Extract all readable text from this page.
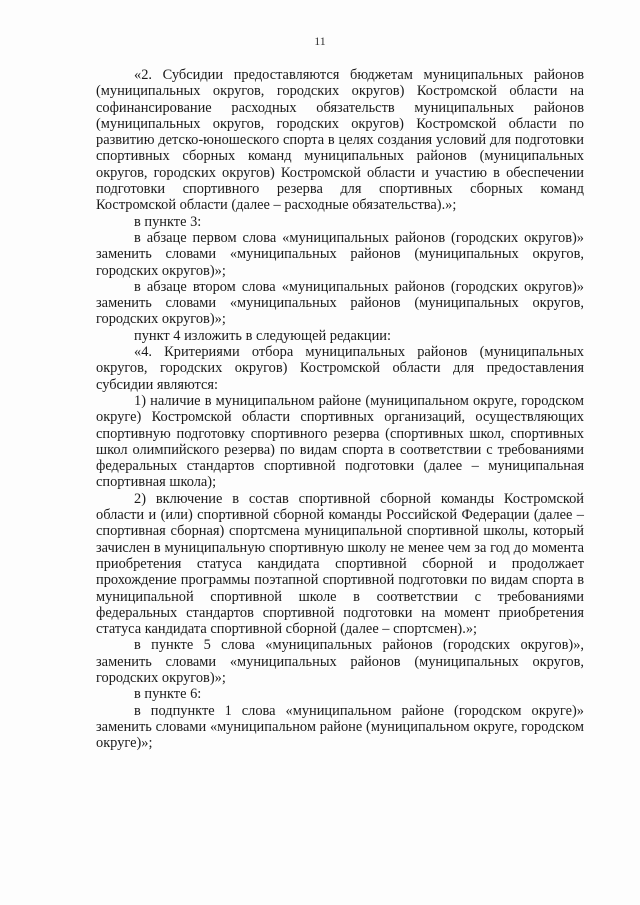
11

«2. Субсидии предоставляются бюджетам муниципальных районов (муниципальных округов, городских округов) Костромской области на софинансирование расходных обязательств муниципальных районов (муниципальных округов, городских округов) Костромской области по развитию детско-юношеского спорта в целях создания условий для подготовки спортивных сборных команд муниципальных районов (муниципальных округов, городских округов) Костромской области и участию в обеспечении подготовки спортивного резерва для спортивных сборных команд Костромской области (далее – расходные обязательства).»;

в пункте 3:

в абзаце первом слова «муниципальных районов (городских округов)» заменить словами «муниципальных районов (муниципальных округов, городских округов)»;

в абзаце втором слова «муниципальных районов (городских округов)» заменить словами «муниципальных районов (муниципальных округов, городских округов)»;

пункт 4 изложить в следующей редакции:

«4. Критериями отбора муниципальных районов (муниципальных округов, городских округов) Костромской области для предоставления субсидии являются:

1) наличие в муниципальном районе (муниципальном округе, городском округе) Костромской области спортивных организаций, осуществляющих спортивную подготовку спортивного резерва (спортивных школ, спортивных школ олимпийского резерва) по видам спорта в соответствии с требованиями федеральных стандартов спортивной подготовки (далее – муниципальная спортивная школа);

2) включение в состав спортивной сборной команды Костромской области и (или) спортивной сборной команды Российской Федерации (далее – спортивная сборная) спортсмена муниципальной спортивной школы, который зачислен в муниципальную спортивную школу не менее чем за год до момента приобретения статуса кандидата спортивной сборной и продолжает прохождение программы поэтапной спортивной подготовки по видам спорта в муниципальной спортивной школе в соответствии с требованиями федеральных стандартов спортивной подготовки на момент приобретения статуса кандидата спортивной сборной (далее – спортсмен).»;

в пункте 5 слова «муниципальных районов (городских округов)», заменить словами «муниципальных районов (муниципальных округов, городских округов)»;

в пункте 6:

в подпункте 1 слова «муниципальном районе (городском округе)» заменить словами «муниципальном районе (муниципальном округе, городском округе)»;
